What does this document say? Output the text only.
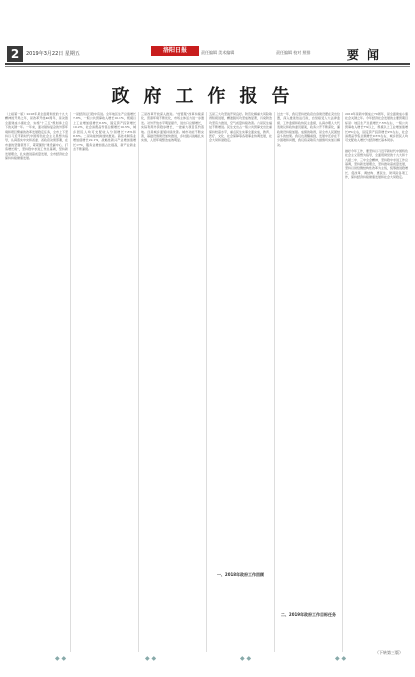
2	2019年3月22日 星期五	洛阳日报	责任编辑 美术编辑	责任编辑 校对 照排	要 闻
政府工作报告

（上接第一版）2018年是全面贯彻党的十九大精神的开局之年，是改革开放40周年，是决胜全面建成小康社会、实施“十三五”规划承上启下的关键一年。一年来，面对错综复杂的外部环境和艰巨繁重的改革发展稳定任务，全市上下坚持以习近平新时代中国特色社会主义思想为指导，认真落实中央和省委、省政府决策部署，在市委的坚强领导下，紧紧围绕“建设副中心、打造增长极”，坚持稳中求进工作总基调，坚持新发展理念，扎实推进高质量发展，全市经济社会保持持续健康发展。

一是经济运行稳中有进。全年地区生产总值增长7.8%，一般公共预算收入增长10.1%，规模以上工业增加值增长8.6%，固定资产投资增长10.2%，社会消费品零售总额增长10.5%，城乡居民人均可支配收入分别增长7.8%和8.6%。二是动能转换加快推进。高技术制造业增加值增长22.1%，战略性新兴产业增加值增长17%，服务业增加值占比提高，新产业新业态不断涌现。

三是改革开放深入推进。“放管服”改革持续深化，营商环境不断优化，市场主体活力进一步激发。对外开放水平明显提升，进出口总额增长，实际利用外资稳步增长，一批重大项目签约落地。四是城乡面貌持续改善。城市功能不断完善，基础设施建设加快推进，乡村振兴战略扎实实施，人居环境整治成效明显。

五是三大攻坚战开局良好。防范化解重大风险取得积极进展，精准脱贫攻坚成效显著，污染防治攻坚有力推进，空气质量持续改善。六是民生福祉不断增进。民生支出占一般公共预算支出比重保持较高水平，重点民生实事全面完成，教育、医疗、文化、社会保障等各项事业协调发展，社会大局和谐稳定。

一、2018年政府工作回顾

过去一年，我们坚持把政府自身建设摆在突出位置，深入推进依法行政，自觉接受人大法律监督、工作监督和政协民主监督，认真办理人大代表建议和政协委员提案，政务公开不断深化，廉政建设持续加强。成绩的取得，是全市人民团结奋斗的结果。我们也清醒看到，发展中还存在不少困难和问题，我们将采取有力措施切实加以解决。

二、2019年政府工作目标任务

2019年是新中国成立70周年，是全面建成小康社会关键之年。今年经济社会发展的主要预期目标是：地区生产总值增长7.5%左右，一般公共预算收入增长7%以上，规模以上工业增加值增长8%左右，固定资产投资增长9%左右，社会消费品零售总额增长9.5%左右，城乡居民人均可支配收入增长与经济增长基本同步。

做好今年工作，要坚持以习近平新时代中国特色社会主义思想为指导，全面贯彻党的十九大和十九届二中、三中全会精神，坚持稳中求进工作总基调，坚持新发展理念，坚持推动高质量发展，坚持以供给侧结构性改革为主线，统筹推进稳增长、促改革、调结构、惠民生、防风险各项工作，保持经济持续健康发展和社会大局稳定。

（下转第三版）
◆ ◆	◆ ◆	◆ ◆	◆ ◆
